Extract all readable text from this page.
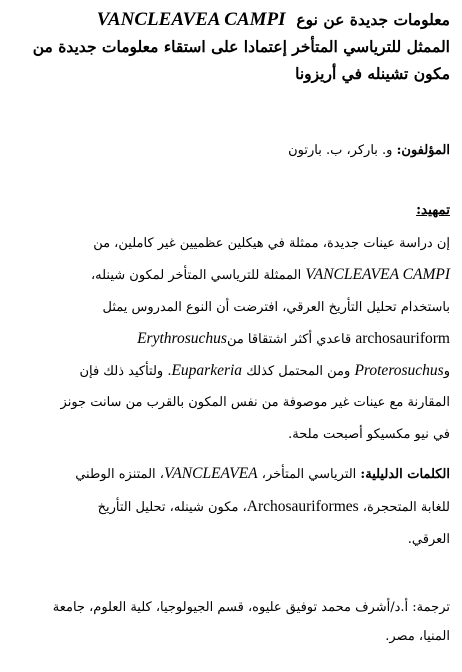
معلومات جديدة عن نوع  VANCLEAVEA CAMPI
الممثل للترياسي المتأخر إعتمادا على استقاء معلومات جديدة من
مكون تشينله في أريزونا
المؤلفون: و. باركر، ب. بارتون
تمهيد:
إن دراسة عينات جديدة، ممثلة في هيكلين عظميين غير كاملين، من
VANCLEAVEA CAMPI الممثلة للترياسي المتأخر لمكون شينله،
باستخدام تحليل التأريخ العرقي، افترضت أن النوع المدروس يمثل
archosauriform قاعدي أكثر اشتقاقا منErythrosuchus
وProterosuchus ومن المحتمل كذلك Euparkeria. ولتأكيد ذلك فإن
المقارنة مع عينات غير موصوفة من نفس المكون بالقرب من سانت جونز
في نيو مكسيكو أصبحت ملحة.
الكلمات الدليلية: الترياسي المتأخر، VANCLEAVEA، المتنزه الوطني
للغابة المتحجرة، Archosauriformes، مكون شينله، تحليل التأريخ
العرقي.
ترجمة: أ.د/أشرف محمد توفيق عليوه، قسم الجيولوجيا، كلية العلوم، جامعة
المنيا، مصر.
